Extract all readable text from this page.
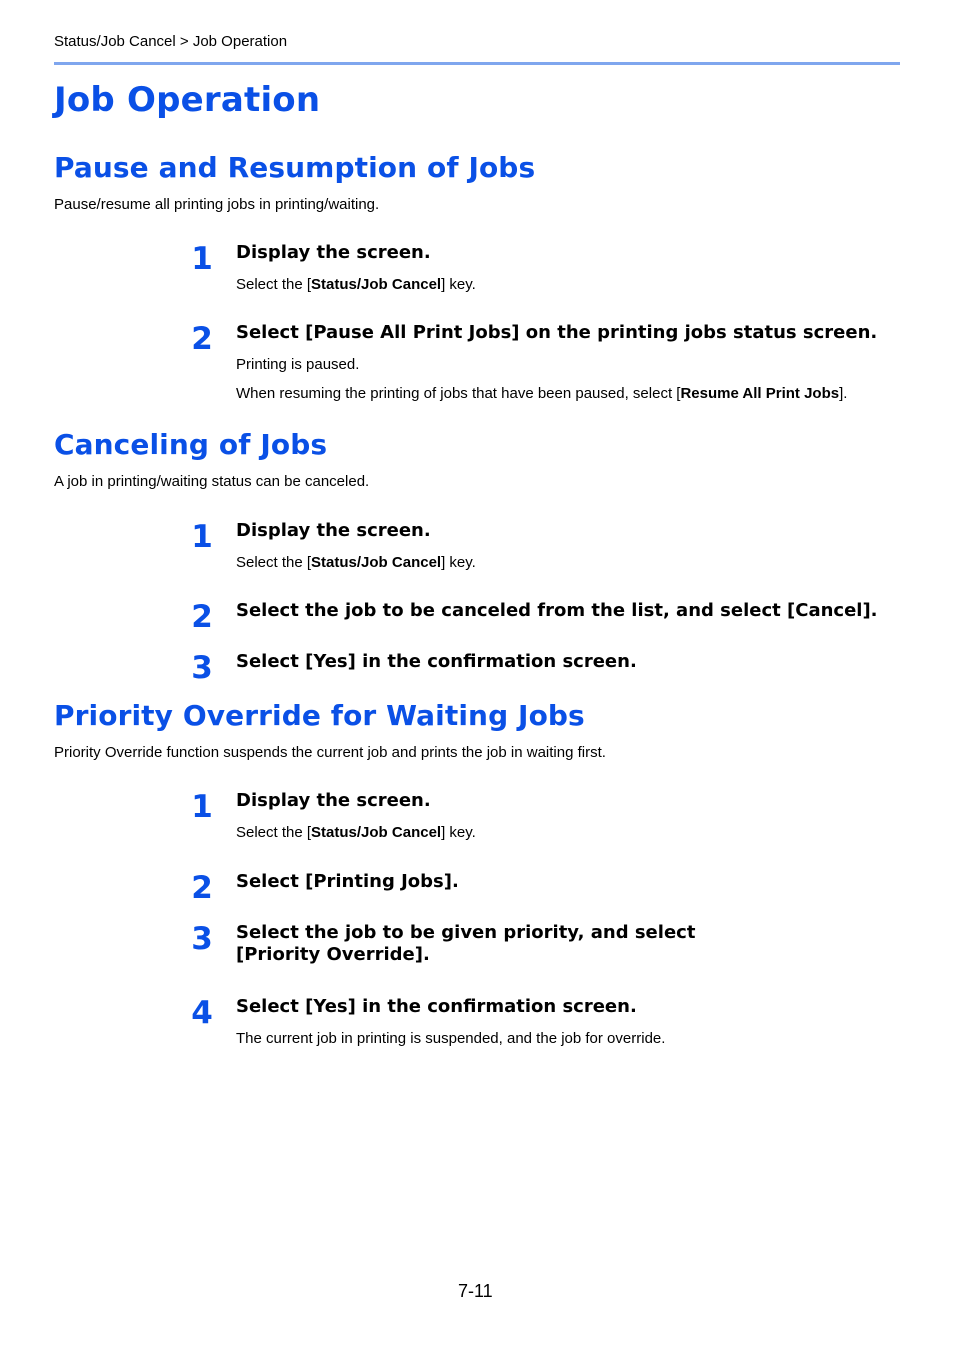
Status/Job Cancel > Job Operation
Job Operation
Pause and Resumption of Jobs
Pause/resume all printing jobs in printing/waiting.
1 Display the screen.
Select the [Status/Job Cancel] key.
2 Select [Pause All Print Jobs] on the printing jobs status screen.
Printing is paused.
When resuming the printing of jobs that have been paused, select [Resume All Print Jobs].
Canceling of Jobs
A job in printing/waiting status can be canceled.
1 Display the screen.
Select the [Status/Job Cancel] key.
2 Select the job to be canceled from the list, and select [Cancel].
3 Select [Yes] in the confirmation screen.
Priority Override for Waiting Jobs
Priority Override function suspends the current job and prints the job in waiting first.
1 Display the screen.
Select the [Status/Job Cancel] key.
2 Select [Printing Jobs].
3 Select the job to be given priority, and select
[Priority Override].
4 Select [Yes] in the confirmation screen.
The current job in printing is suspended, and the job for override.
7-11
